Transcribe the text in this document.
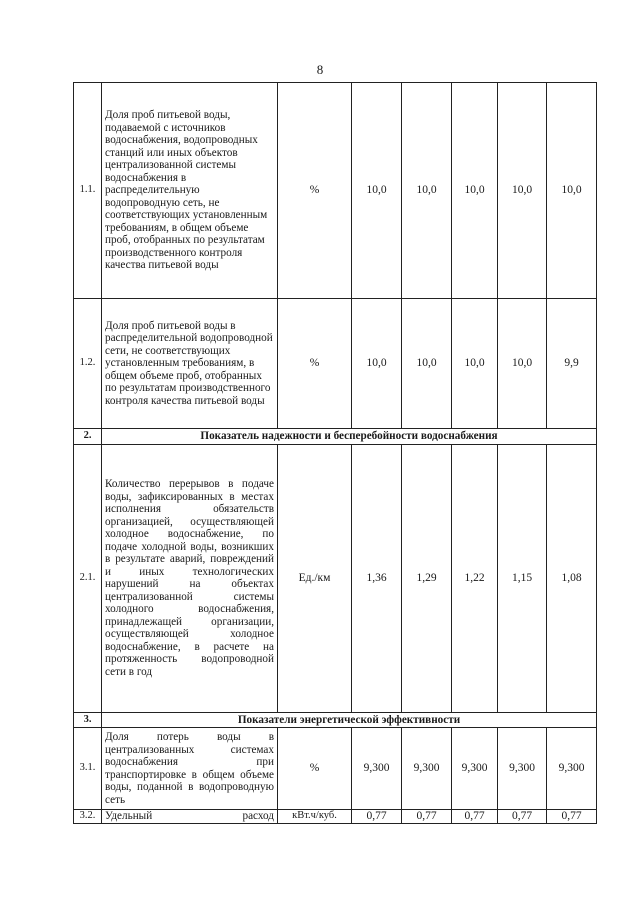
8
1.1.	Доля проб питьевой воды, подаваемой с источников водоснабжения, водопроводных станций или иных объектов централизованной системы водоснабжения в распределительную водопроводную сеть, не соответствующих установленным требованиям, в общем объеме проб, отобранных по результатам производственного контроля качества питьевой воды	%	10,0	10,0	10,0	10,0	10,0
1.2.	Доля проб питьевой воды в распределительной водопроводной сети, не соответствующих установленным требованиям, в общем объеме проб, отобранных по результатам производственного контроля качества питьевой воды	%	10,0	10,0	10,0	10,0	9,9
2.	Показатель надежности и бесперебойности водоснабжения						
2.1.	Количество перерывов в подаче воды, зафиксированных в местах исполнения обязательств организацией, осуществляющей холодное водоснабжение, по подаче холодной воды, возникших в результате аварий, повреждений и иных технологических нарушений на объектах централизованной системы холодного водоснабжения, принадлежащей организации, осуществляющей холодное водоснабжение, в расчете на протяженность водопроводной сети в год	Ед./км	1,36	1,29	1,22	1,15	1,08
3.	Показатели энергетической эффективности						
3.1.	Доля потерь воды в централизованных системах водоснабжения при транспортировке в общем объеме воды, поданной в водопроводную сеть	%	9,300	9,300	9,300	9,300	9,300
3.2.	Удельный расход	кВт.ч/куб.	0,77	0,77	0,77	0,77	0,77
